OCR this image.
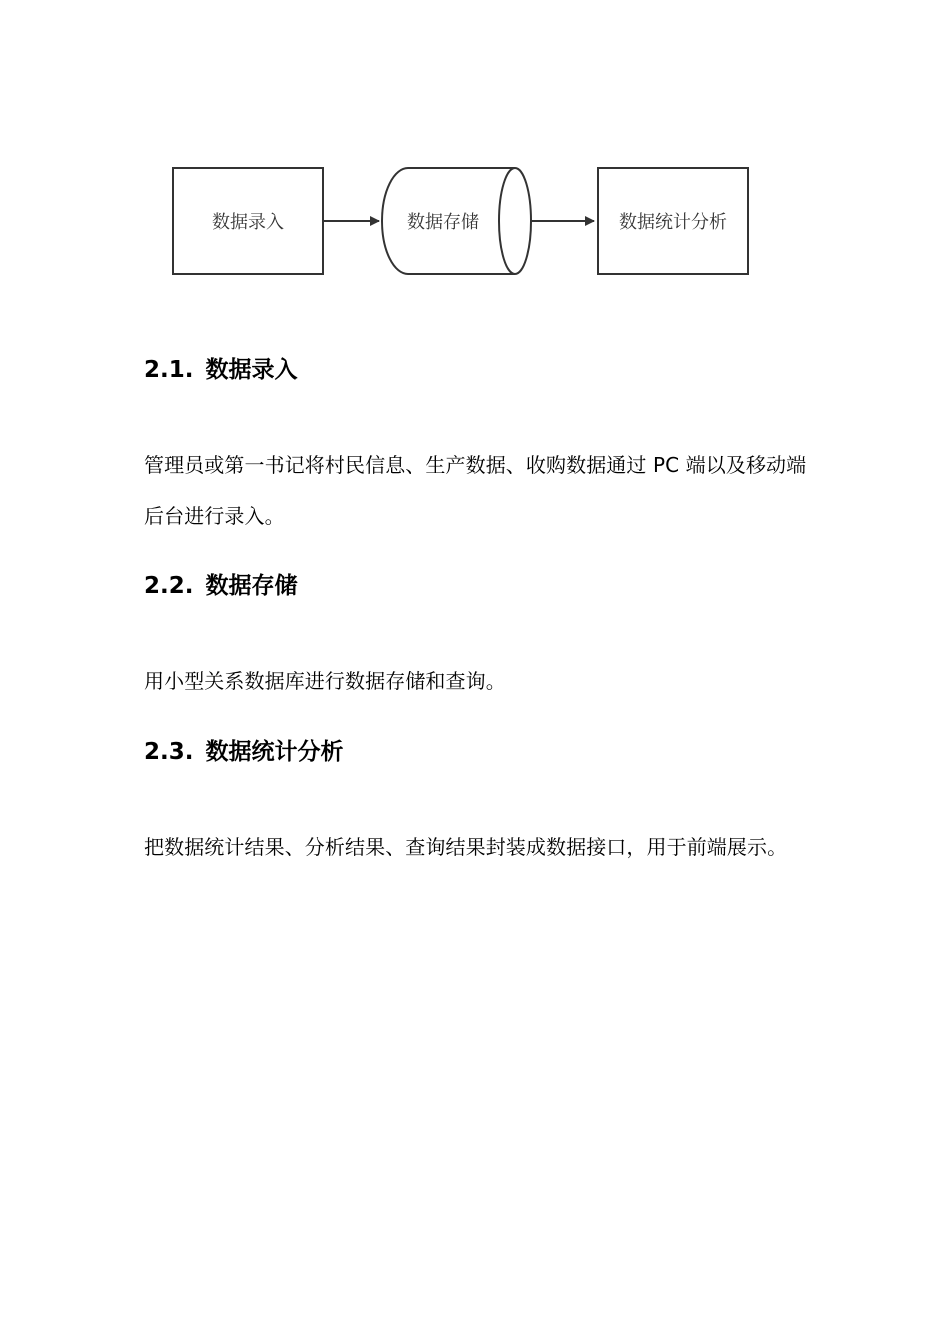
数据录入	数据存储	数据统计分析
2.1. 数据录入

管理员或第一书记将村民信息、生产数据、收购数据通过 PC 端以及移动端后台进行录入。

2.2. 数据存储

用小型关系数据库进行数据存储和查询。

2.3. 数据统计分析

把数据统计结果、分析结果、查询结果封装成数据接口，用于前端展示。
